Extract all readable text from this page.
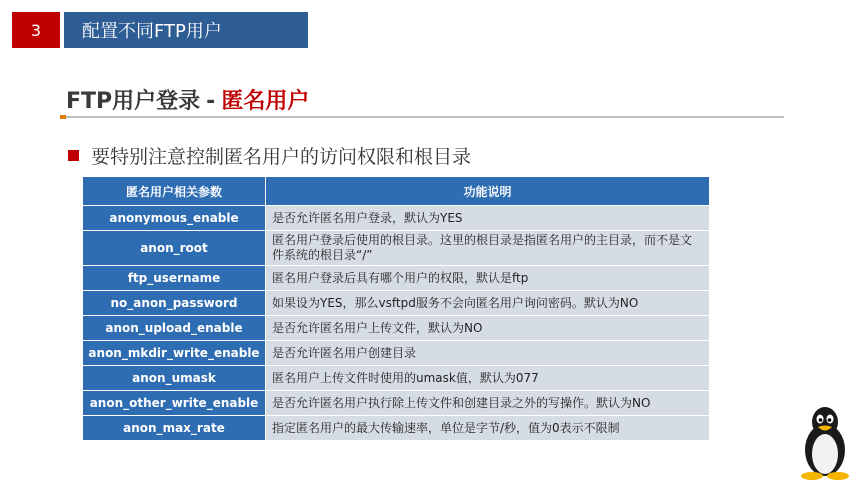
3	配置不同FTP用户
FTP用户登录 - 匿名用户
要特别注意控制匿名用户的访问权限和根目录
匿名用户相关参数	功能说明
anonymous_enable	是否允许匿名用户登录，默认为YES
anon_root	匿名用户登录后使用的根目录。这里的根目录是指匿名用户的主目录，而不是文件系统的根目录“/”
ftp_username	匿名用户登录后具有哪个用户的权限，默认是ftp
no_anon_password	如果设为YES，那么vsftpd服务不会向匿名用户询问密码。默认为NO
anon_upload_enable	是否允许匿名用户上传文件，默认为NO
anon_mkdir_write_enable	是否允许匿名用户创建目录
anon_umask	匿名用户上传文件时使用的umask值，默认为077
anon_other_write_enable	是否允许匿名用户执行除上传文件和创建目录之外的写操作。默认为NO
anon_max_rate	指定匿名用户的最大传输速率，单位是字节/秒，值为0表示不限制
